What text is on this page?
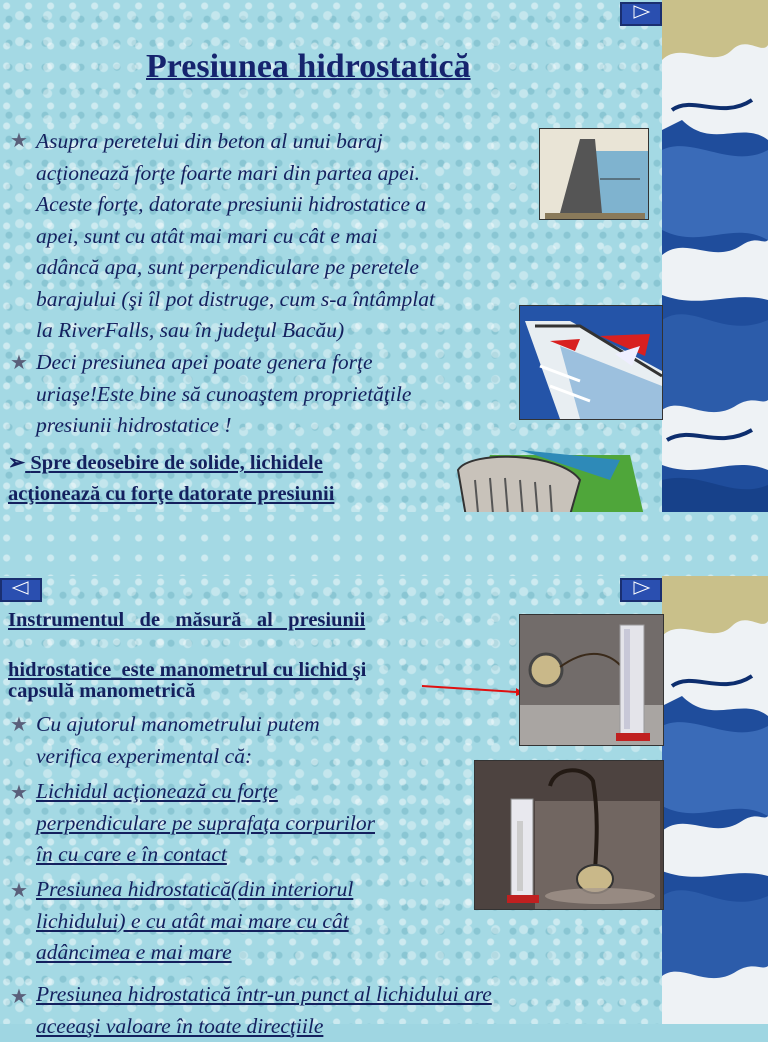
Presiunea hidrostatică
★ Asupra peretelui din beton al unui baraj
acţionează forţe foarte mari din partea apei.
Aceste forţe, datorate presiunii hidrostatice a
apei, sunt cu atât mai mari cu cât e mai
adâncă apa, sunt perpendiculare pe peretele
barajului (şi îl pot distruge, cum s-a întâmplat
la RiverFalls, sau în judeţul Bacău)
★ Deci presiunea apei poate genera forţe
uriaşe!Este bine să cunoaştem proprietăţile
presiunii hidrostatice !
➢ Spre deosebire de solide, lichidele
acţionează cu forţe datorate presiunii
Instrumentul   de   măsură   al   presiunii
hidrostatice_este manometrul cu lichid şi
capsulă manometrică
★ Cu ajutorul manometrului putem
verifica experimental că:
★ Lichidul acţionează cu forţe
perpendiculare pe suprafaţa corpurilor
în cu care e în contact
★ Presiunea hidrostatică(din interiorul
lichidului) e cu atât mai mare cu cât
adâncimea e mai mare
★ Presiunea hidrostatică într-un punct al lichidului are
aceeaşi valoare în toate direcţiile
